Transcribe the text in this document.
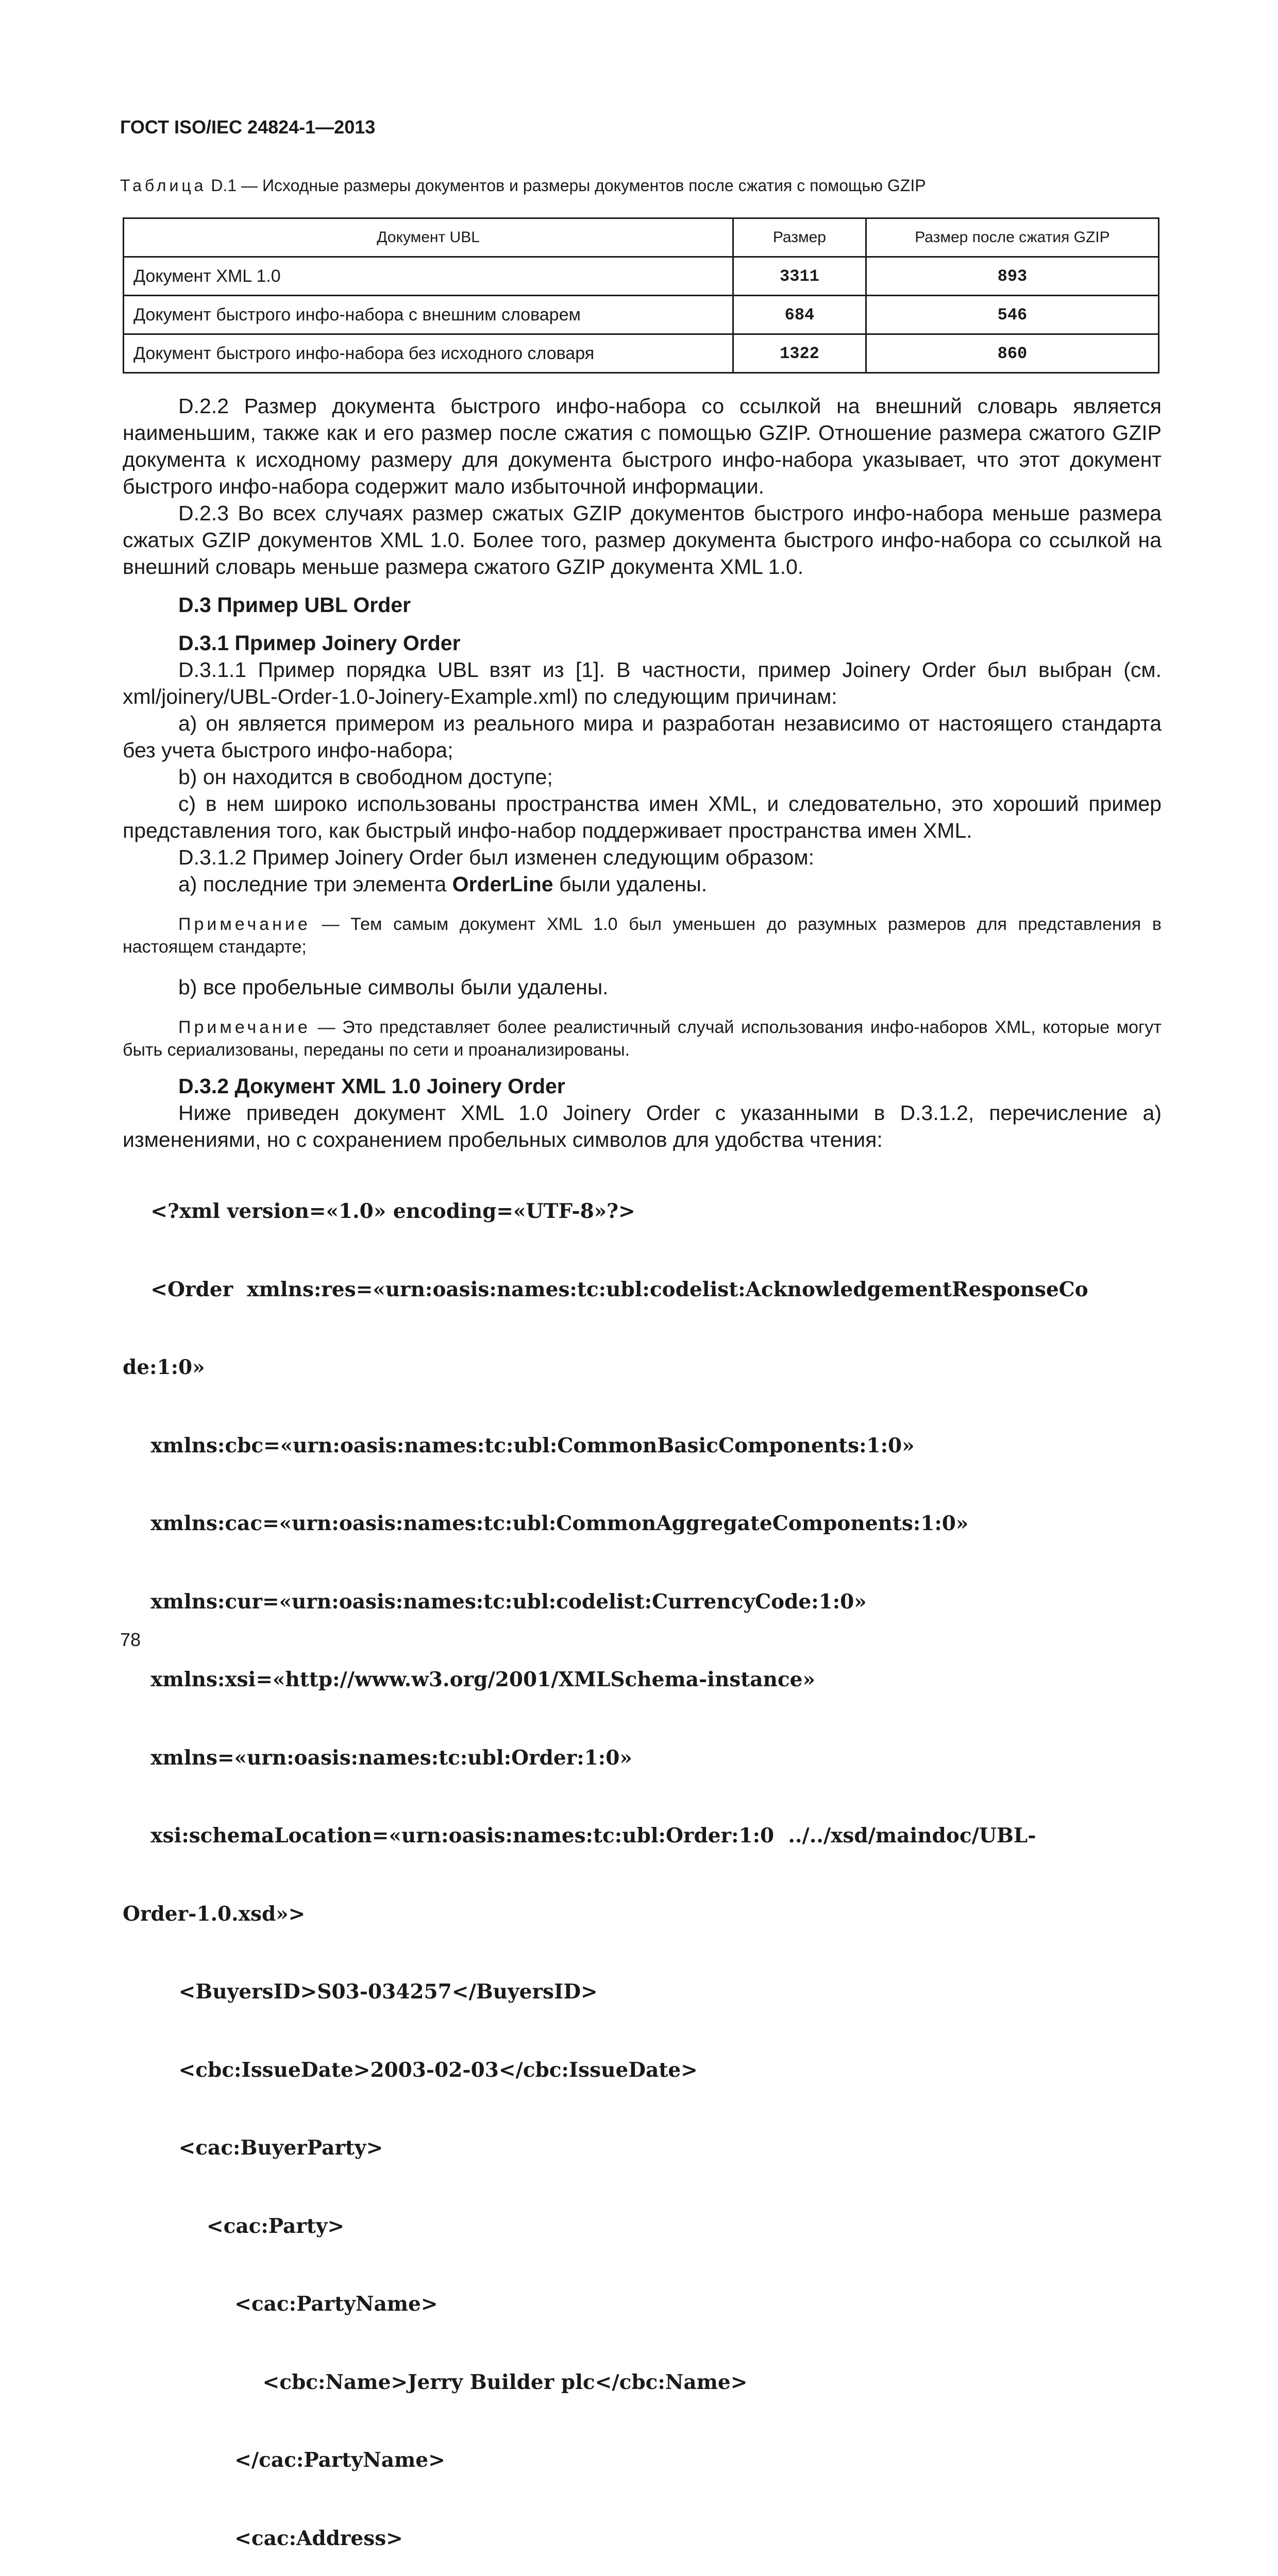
ГОСТ ISO/IEC 24824-1—2013
Таблица D.1 — Исходные размеры документов и размеры документов после сжатия с помощью GZIP
Документ UBL	Размер	Размер после сжатия GZIP
Документ XML 1.0	3311	893
Документ быстрого инфо-набора с внешним словарем	684	546
Документ быстрого инфо-набора без исходного словаря	1322	860

D.2.2 Размер документа быстрого инфо-набора со ссылкой на внешний словарь является наименьшим, также как и его размер после сжатия с помощью GZIP. Отношение размера сжатого GZIP документа к исходному размеру для документа быстрого инфо-набора указывает, что этот документ быстрого инфо-набора содержит мало избыточной информации.

D.2.3 Во всех случаях размер сжатых GZIP документов быстрого инфо-набора меньше размера сжатых GZIP документов XML 1.0. Более того, размер документа быстрого инфо-набора со ссылкой на внешний словарь меньше размера сжатого GZIP документа XML 1.0.

D.3 Пример UBL Order

D.3.1 Пример Joinery Order

D.3.1.1 Пример порядка UBL взят из [1]. В частности, пример Joinery Order был выбран (см. xml/joinery/UBL-Order-1.0-Joinery-Example.xml) по следующим причинам:

а) он является примером из реального мира и разработан независимо от настоящего стандарта без учета быстрого инфо-набора;

b) он находится в свободном доступе;

с) в нем широко использованы пространства имен XML, и следовательно, это хороший пример представления того, как быстрый инфо-набор поддерживает пространства имен XML.

D.3.1.2 Пример Joinery Order был изменен следующим образом:

а) последние три элемента OrderLine были удалены.

Примечание — Тем самым документ XML 1.0 был уменьшен до разумных размеров для представления в настоящем стандарте;

b) все пробельные символы были удалены.

Примечание — Это представляет более реалистичный случай использования инфо-наборов XML, которые могут быть сериализованы, переданы по сети и проанализированы.

D.3.2 Документ XML 1.0 Joinery Order

Ниже приведен документ XML 1.0 Joinery Order с указанными в D.3.1.2, перечисление а) изменениями, но с сохранением пробельных символов для удобства чтения:

<?xml version=«1.0» encoding=«UTF-8»?>

<Order  xmlns:res=«urn:oasis:names:tc:ubl:codelist:AcknowledgementResponseCo

de:1:0»

xmlns:cbc=«urn:oasis:names:tc:ubl:CommonBasicComponents:1:0»

xmlns:cac=«urn:oasis:names:tc:ubl:CommonAggregateComponents:1:0»

xmlns:cur=«urn:oasis:names:tc:ubl:codelist:CurrencyCode:1:0»

xmlns:xsi=«http://www.w3.org/2001/XMLSchema-instance»

xmlns=«urn:oasis:names:tc:ubl:Order:1:0»

xsi:schemaLocation=«urn:oasis:names:tc:ubl:Order:1:0  ../../xsd/maindoc/UBL-

Order-1.0.xsd»>

<BuyersID>S03-034257</BuyersID>

<cbc:IssueDate>2003-02-03</cbc:IssueDate>

<cac:BuyerParty>

<cac:Party>

<cac:PartyName>

<cbc:Name>Jerry Builder plc</cbc:Name>

</cac:PartyName>

<cac:Address>

78
